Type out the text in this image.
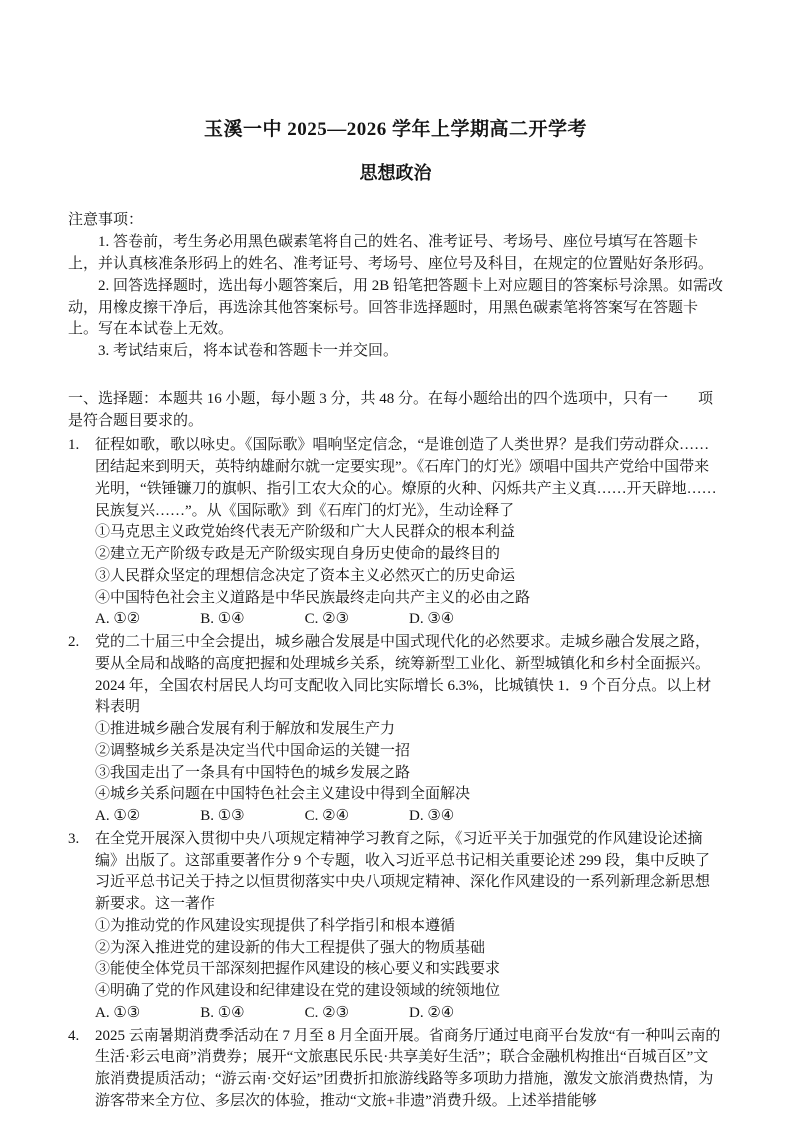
玉溪一中 2025—2026 学年上学期高二开学考
思想政治
注意事项：
1. 答卷前，考生务必用黑色碳素笔将自己的姓名、准考证号、考场号、座位号填写在答题卡上，并认真核准条形码上的姓名、准考证号、考场号、座位号及科目，在规定的位置贴好条形码。
2. 回答选择题时，选出每小题答案后，用 2B 铅笔把答题卡上对应题目的答案标号涂黑。如需改动，用橡皮擦干净后，再选涂其他答案标号。回答非选择题时，用黑色碳素笔将答案写在答题卡上。写在本试卷上无效。
3. 考试结束后，将本试卷和答题卡一并交回。
一、选择题：本题共 16 小题，每小题 3 分，共 48 分。在每小题给出的四个选项中，只有一　　项是符合题目要求的。
1. 征程如歌，歌以咏史。《国际歌》唱响坚定信念，“是谁创造了人类世界？是我们劳动群众……团结起来到明天，英特纳雄耐尔就一定要实现”。《石库门的灯光》颂唱中国共产党给中国带来光明，“铁锤镰刀的旗帜、指引工农大众的心。燎原的火种、闪烁共产主义真……开天辟地……民族复兴……”。从《国际歌》到《石库门的灯光》，生动诠释了
①马克思主义政党始终代表无产阶级和广大人民群众的根本利益
②建立无产阶级专政是无产阶级实现自身历史使命的最终目的
③人民群众坚定的理想信念决定了资本主义必然灭亡的历史命运
④中国特色社会主义道路是中华民族最终走向共产主义的必由之路
A. ①②　　　　B. ①④　　　　C. ②③　　　　D. ③④
2. 党的二十届三中全会提出，城乡融合发展是中国式现代化的必然要求。走城乡融合发展之路，要从全局和战略的高度把握和处理城乡关系，统筹新型工业化、新型城镇化和乡村全面振兴。2024 年，全国农村居民人均可支配收入同比实际增长 6.3%，比城镇快 1．9 个百分点。以上材料表明
①推进城乡融合发展有利于解放和发展生产力
②调整城乡关系是决定当代中国命运的关键一招
③我国走出了一条具有中国特色的城乡发展之路
④城乡关系问题在中国特色社会主义建设中得到全面解决
A. ①②　　　　B. ①③　　　　C. ②④　　　　D. ③④
3. 在全党开展深入贯彻中央八项规定精神学习教育之际，《习近平关于加强党的作风建设论述摘编》出版了。这部重要著作分 9 个专题，收入习近平总书记相关重要论述 299 段，集中反映了习近平总书记关于持之以恒贯彻落实中央八项规定精神、深化作风建设的一系列新理念新思想新要求。这一著作
①为推动党的作风建设实现提供了科学指引和根本遵循
②为深入推进党的建设新的伟大工程提供了强大的物质基础
③能使全体党员干部深刻把握作风建设的核心要义和实践要求
④明确了党的作风建设和纪律建设在党的建设领域的统领地位
A. ①③　　　　B. ①④　　　　C. ②③　　　　D. ②④
4. 2025 云南暑期消费季活动在 7 月至 8 月全面开展。省商务厅通过电商平台发放“有一种叫云南的生活·彩云电商”消费券；展开“文旅惠民乐民·共享美好生活”；联合金融机构推出“百城百区”文旅消费提质活动；“游云南·交好运”团费折扣旅游线路等多项助力措施，激发文旅消费热情，为游客带来全方位、多层次的体验，推动“文旅+非遗”消费升级。上述举措能够
